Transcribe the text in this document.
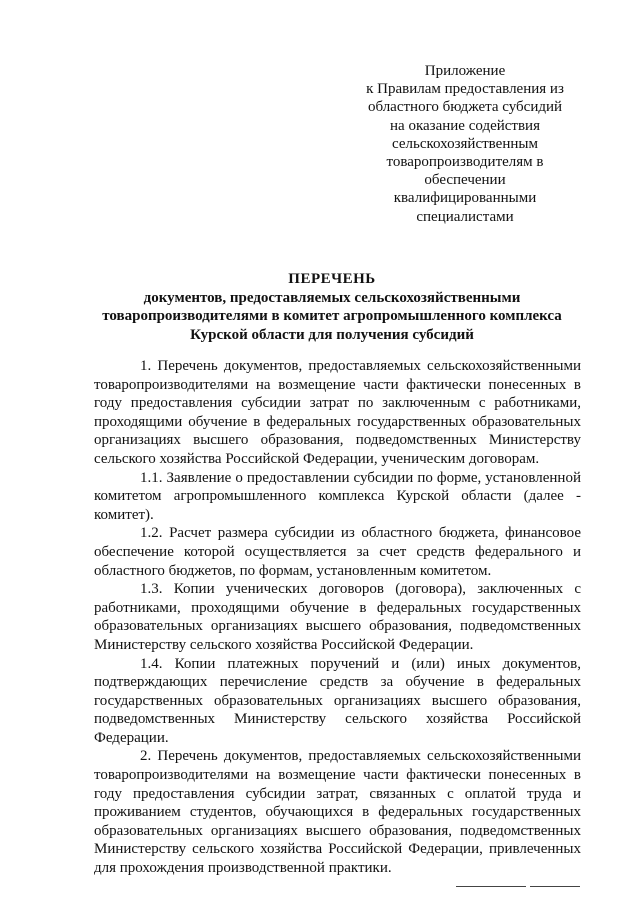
Приложение
к Правилам предоставления из
областного бюджета субсидий
на оказание содействия
сельскохозяйственным
товаропроизводителям в
обеспечении
квалифицированными
специалистами
ПЕРЕЧЕНЬ
документов, предоставляемых сельскохозяйственными
товаропроизводителями в комитет агропромышленного комплекса
Курской области для получения субсидий

1. Перечень документов, предоставляемых сельскохозяйственными товаропроизводителями на возмещение части фактически понесенных в году предоставления субсидии затрат по заключенным с работниками, проходящими обучение в федеральных государственных образовательных организациях высшего образования, подведомственных Министерству сельского хозяйства Российской Федерации, ученическим договорам.

1.1. Заявление о предоставлении субсидии по форме, установленной комитетом агропромышленного комплекса Курской области (далее - комитет).

1.2. Расчет размера субсидии из областного бюджета, финансовое обеспечение которой осуществляется за счет средств федерального и областного бюджетов, по формам, установленным комитетом.

1.3. Копии ученических договоров (договора), заключенных с работниками, проходящими обучение в федеральных государственных образовательных организациях высшего образования, подведомственных Министерству сельского хозяйства Российской Федерации.

1.4. Копии платежных поручений и (или) иных документов, подтверждающих перечисление средств за обучение в федеральных государственных образовательных организациях высшего образования, подведомственных Министерству сельского хозяйства Российской Федерации.

2. Перечень документов, предоставляемых сельскохозяйственными товаропроизводителями на возмещение части фактически понесенных в году предоставления субсидии затрат, связанных с оплатой труда и проживанием студентов, обучающихся в федеральных государственных образовательных организациях высшего образования, подведомственных Министерству сельского хозяйства Российской Федерации, привлеченных для прохождения производственной практики.
